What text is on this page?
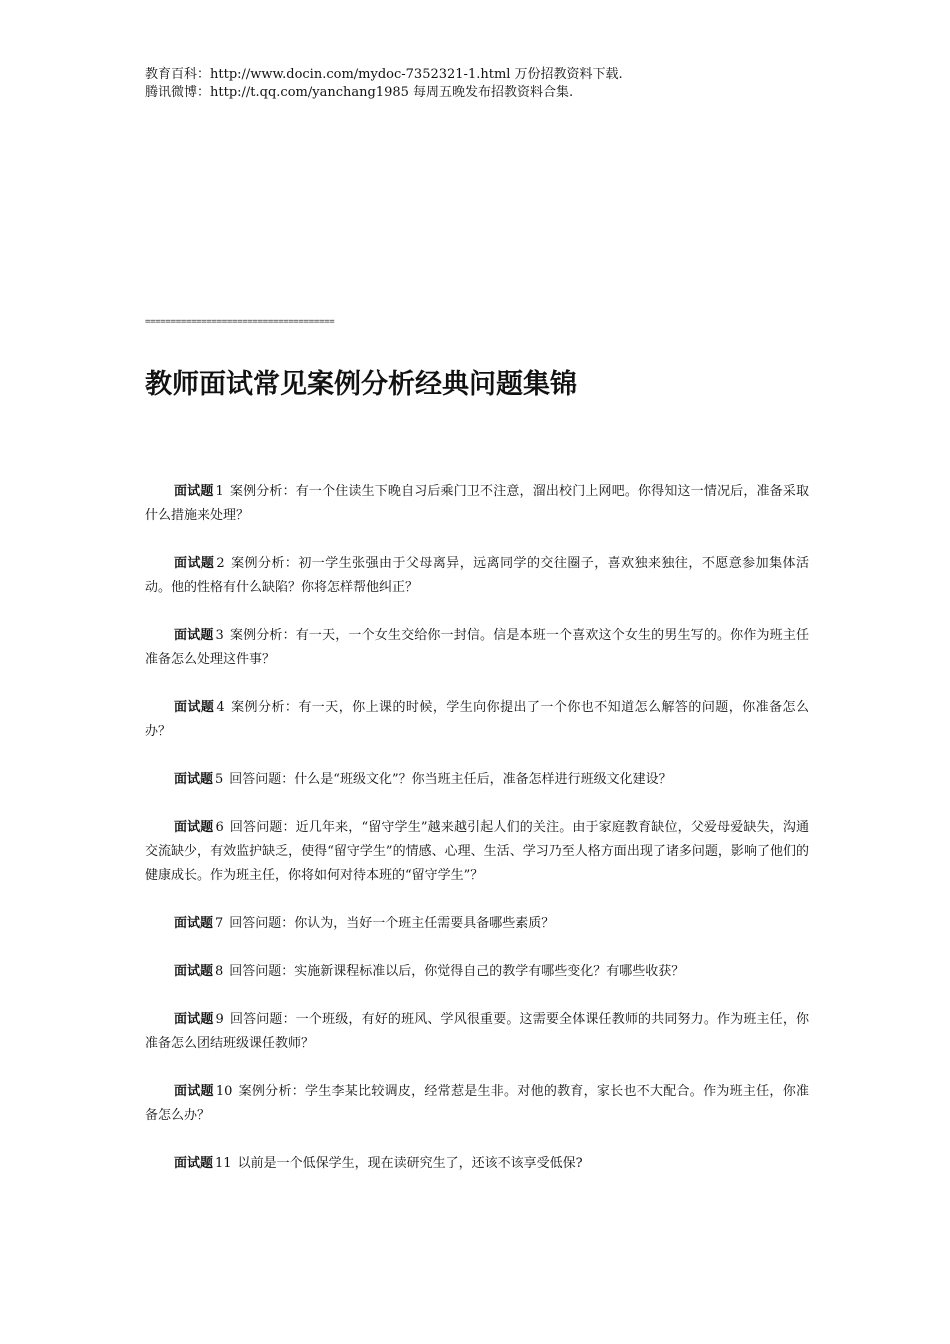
教育百科：http://www.docin.com/mydoc-7352321-1.html 万份招教资料下载.
腾讯微博：http://t.qq.com/yanchang1985 每周五晚发布招教资料合集.
=====================================
教师面试常见案例分析经典问题集锦

面试题 1 案例分析：有一个住读生下晚自习后乘门卫不注意，溜出校门上网吧。你得知这一情况后，准备采取什么措施来处理？

面试题 2 案例分析：初一学生张强由于父母离异，远离同学的交往圈子，喜欢独来独往，不愿意参加集体活动。他的性格有什么缺陷？你将怎样帮他纠正？

面试题 3 案例分析：有一天，一个女生交给你一封信。信是本班一个喜欢这个女生的男生写的。你作为班主任准备怎么处理这件事？

面试题 4 案例分析：有一天，你上课的时候，学生向你提出了一个你也不知道怎么解答的问题，你准备怎么办？

面试题 5 回答问题：什么是“班级文化”？你当班主任后，准备怎样进行班级文化建设？

面试题 6 回答问题：近几年来，“留守学生”越来越引起人们的关注。由于家庭教育缺位，父爱母爱缺失，沟通交流缺少，有效监护缺乏，使得“留守学生”的情感、心理、生活、学习乃至人格方面出现了诸多问题，影响了他们的健康成长。作为班主任，你将如何对待本班的“留守学生”？

面试题 7 回答问题：你认为，当好一个班主任需要具备哪些素质？

面试题 8 回答问题：实施新课程标准以后，你觉得自己的教学有哪些变化？有哪些收获？

面试题 9 回答问题：一个班级，有好的班风、学风很重要。这需要全体课任教师的共同努力。作为班主任，你准备怎么团结班级课任教师？

面试题 10 案例分析：学生李某比较调皮，经常惹是生非。对他的教育，家长也不大配合。作为班主任，你准备怎么办？

面试题 11 以前是一个低保学生，现在读研究生了，还该不该享受低保?
